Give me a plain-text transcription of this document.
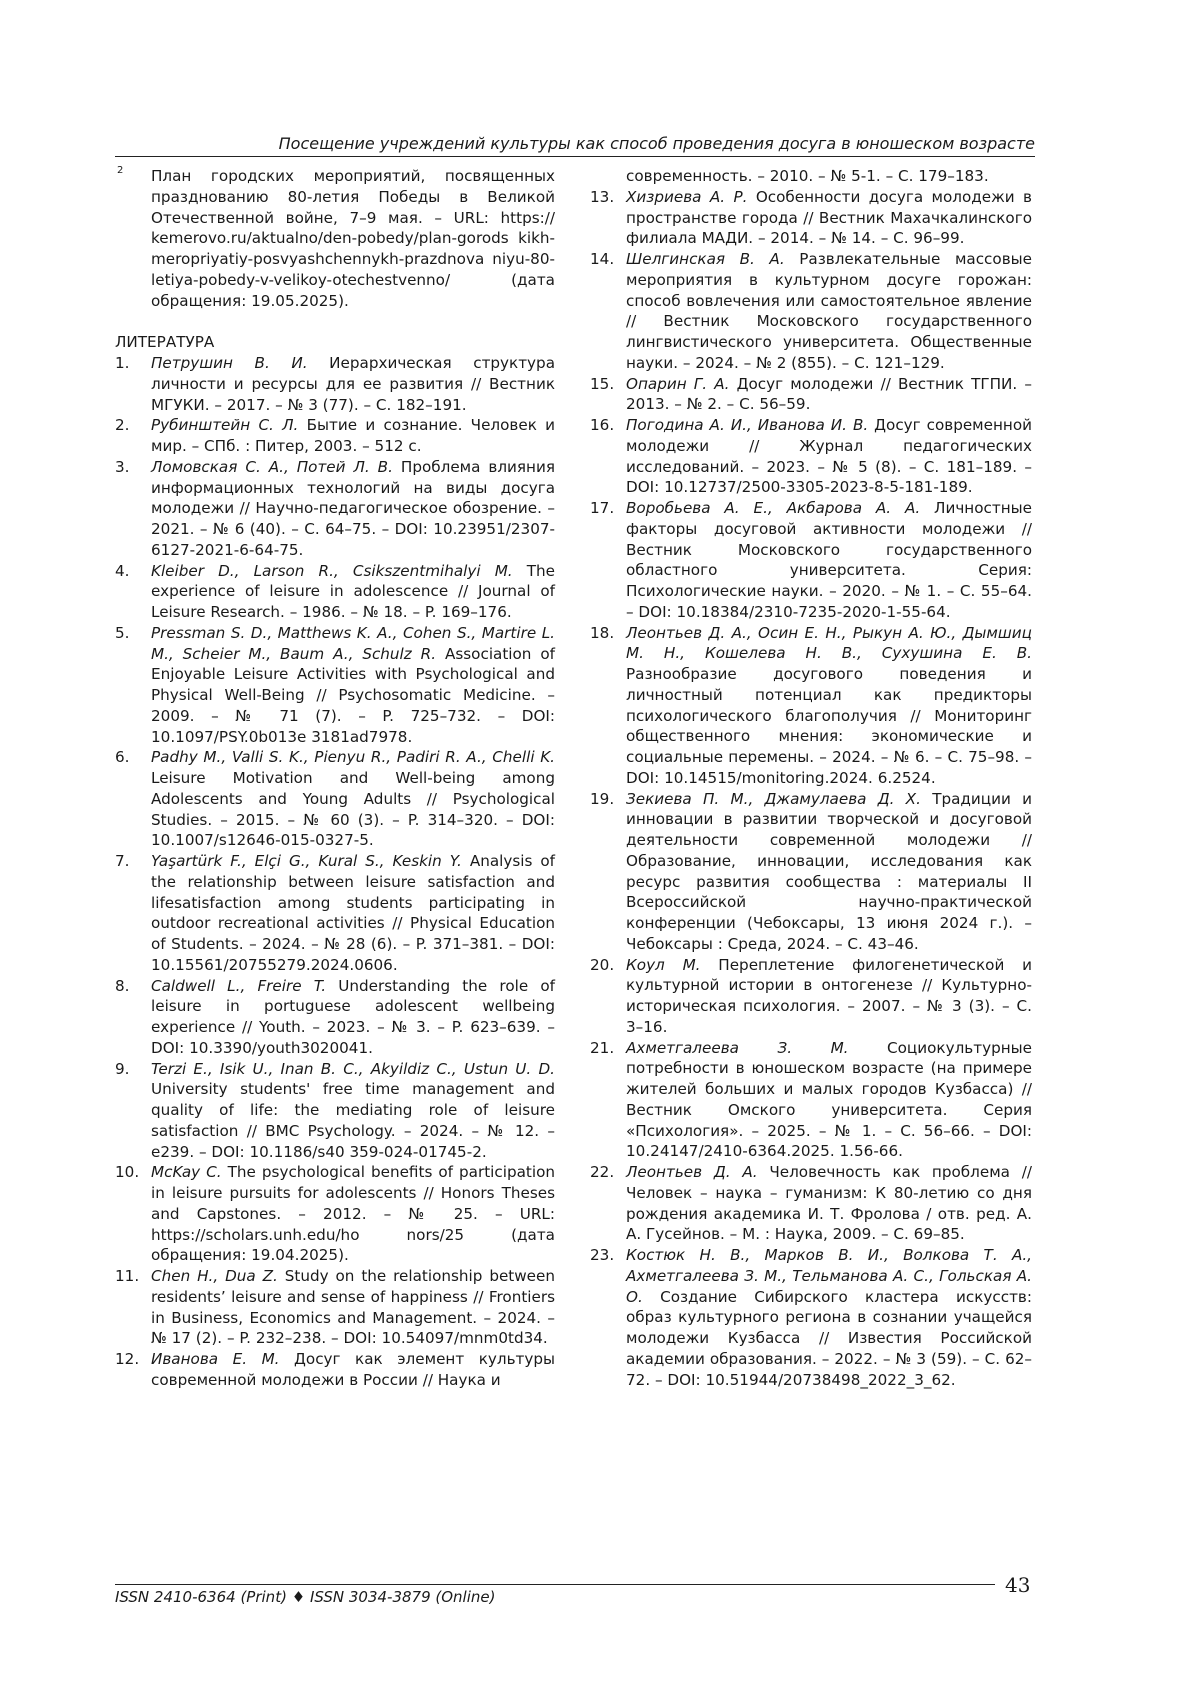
Посещение учреждений культуры как способ проведения досуга в юношеском возрасте
2 План городских мероприятий, посвященных
празднованию 80-летия Победы в Великой Отечественной войне, 7–9 мая. – URL: https:// kemerovo.ru/aktualno/den-pobedy/plan-gorods kikh-meropriyatiy-posvyashchennykh-prazdnova niyu-80-letiya-pobedy-v-velikoy-otechestvenno/ (дата обращения: 19.05.2025).
ЛИТЕРАТУРА
1. Петрушин В. И. Иерархическая структура личности и ресурсы для ее развития // Вестник МГУКИ. – 2017. – № 3 (77). – С. 182–191.
2. Рубинштейн С. Л. Бытие и сознание. Человек и мир. – СПб. : Питер, 2003. – 512 с.
3. Ломовская С. А., Потей Л. В. Проблема влияния информационных технологий на виды досуга молодежи // Научно-педагогическое обозрение. – 2021. – № 6 (40). – С. 64–75. – DOI: 10.23951/2307-6127-2021-6-64-75.
4. Kleiber D., Larson R., Csikszentmihalyi M. The experience of leisure in adolescence // Journal of Leisure Research. – 1986. – № 18. – P. 169–176.
5. Pressman S. D., Matthews K. A., Cohen S., Martire L. M., Scheier M., Baum A., Schulz R. Association of Enjoyable Leisure Activities with Psychological and Physical Well-Being // Psychosomatic Medicine. – 2009. – № 71 (7). – P. 725–732. – DOI: 10.1097/PSY.0b013e 3181ad7978.
6. Padhy M., Valli S. K., Pienyu R., Padiri R. A., Chelli K. Leisure Motivation and Well-being among Adolescents and Young Adults // Psychological Studies. – 2015. – № 60 (3). – P. 314–320. – DOI: 10.1007/s12646-015-0327-5.
7. Yaşartürk F., Elçi G., Kural S., Keskin Y. Analysis of the relationship between leisure satisfaction and lifesatisfaction among students participating in outdoor recreational activities // Physical Education of Students. – 2024. – № 28 (6). – P. 371–381. – DOI: 10.15561/20755279.2024.0606.
8. Caldwell L., Freire T. Understanding the role of leisure in portuguese adolescent wellbeing experience // Youth. – 2023. – № 3. – P. 623–639. – DOI: 10.3390/youth3020041.
9. Terzi E., Isik U., Inan B. C., Akyildiz C., Ustun U. D. University students' free time management and quality of life: the mediating role of leisure satisfaction // BMC Psychology. – 2024. – № 12. – e239. – DOI: 10.1186/s40 359-024-01745-2.
10. McKay C. The psychological benefits of participation in leisure pursuits for adolescents // Honors Theses and Capstones. – 2012. – № 25. – URL: https://scholars.unh.edu/ho nors/25 (дата обращения: 19.04.2025).
11. Chen H., Dua Z. Study on the relationship between residents’ leisure and sense of happiness // Frontiers in Business, Economics and Management. – 2024. – № 17 (2). – P. 232–238. – DOI: 10.54097/mnm0td34.
12. Иванова Е. М. Досуг как элемент культуры современной молодежи в России // Наука и
современность. – 2010. – № 5-1. – С. 179–183.
13. Хизриева А. Р. Особенности досуга молодежи в пространстве города // Вестник Махачкалинского филиала МАДИ. – 2014. – № 14. – С. 96–99.
14. Шелгинская В. А. Развлекательные массовые мероприятия в культурном досуге горожан: способ вовлечения или самостоятельное явление // Вестник Московского государственного лингвистического университета. Общественные науки. – 2024. – № 2 (855). – С. 121–129.
15. Опарин Г. А. Досуг молодежи // Вестник ТГПИ. – 2013. – № 2. – С. 56–59.
16. Погодина А. И., Иванова И. В. Досуг современной молодежи // Журнал педагогических исследований. – 2023. – № 5 (8). – С. 181–189. – DOI: 10.12737/2500-3305-2023-8-5-181-189.
17. Воробьева А. Е., Акбарова А. А. Личностные факторы досуговой активности молодежи // Вестник Московского государственного областного университета. Серия: Психологические науки. – 2020. – № 1. – С. 55–64. – DOI: 10.18384/2310-7235-2020-1-55-64.
18. Леонтьев Д. А., Осин Е. Н., Рыкун А. Ю., Дымшиц М. Н., Кошелева Н. В., Сухушина Е. В. Разнообразие досугового поведения и личностный потенциал как предикторы психологического благополучия // Мониторинг общественного мнения: экономические и социальные перемены. – 2024. – № 6. – С. 75–98. – DOI: 10.14515/monitoring.2024. 6.2524.
19. Зекиева П. М., Джамулаева Д. Х. Традиции и инновации в развитии творческой и досуговой деятельности современной молодежи // Образование, инновации, исследования как ресурс развития сообщества : материалы II Всероссийской научно-практической конференции (Чебоксары, 13 июня 2024 г.). – Чебоксары : Среда, 2024. – С. 43–46.
20. Коул М. Переплетение филогенетической и культурной истории в онтогенезе // Культурно-историческая психология. – 2007. – № 3 (3). – С. 3–16.
21. Ахметгалеева З. М. Социокультурные потребности в юношеском возрасте (на примере жителей больших и малых городов Кузбасса) // Вестник Омского университета. Серия «Психология». – 2025. – № 1. – С. 56–66. – DOI: 10.24147/2410-6364.2025. 1.56-66.
22. Леонтьев Д. А. Человечность как проблема // Человек – наука – гуманизм: К 80-летию со дня рождения академика И. Т. Фролова / отв. ред. А. А. Гусейнов. – М. : Наука, 2009. – С. 69–85.
23. Костюк Н. В., Марков В. И., Волкова Т. А., Ахметгалеева З. М., Тельманова А. С., Гольская А. О. Создание Сибирского кластера искусств: образ культурного региона в сознании учащейся молодежи Кузбасса // Известия Российской академии образования. – 2022. – № 3 (59). – С. 62–72. – DOI: 10.51944/20738498_2022_3_62.
ISSN 2410-6364 (Print) ♦ ISSN 3034-3879 (Online)	43
